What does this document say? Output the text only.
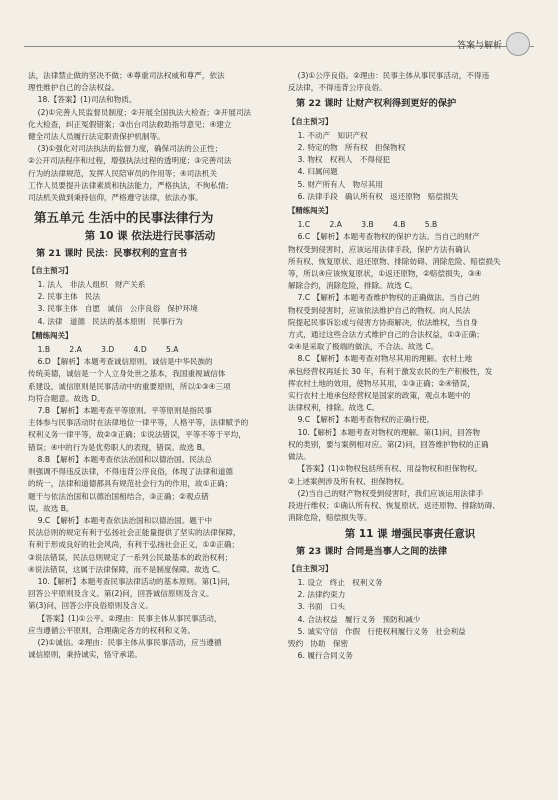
答案与解析
法，法律禁止做的坚决不做；④尊重司法权威和尊严，依法
理性维护自己的合法权益。
18.【答案】(1)司法和物质。
(2)①完善人民监督员制度；②开展全国执法大检查；③开展司法
化大检查，纠正冤假错案；③出台司法救助指导意见；④建立
健全司法人员履行法定职责保护机制等。
(3)①强化对司法执法的监督力度，确保司法的公正性；
②公开司法程序和过程，增强执法过程的透明度；③完善司法
行为的法律规范，发挥人民陪审员的作用等；④司法机关
工作人员要提升法律素质和执法能力，严格执法，不徇私情；
司法机关做到秉持信仰，严格遵守法律，依法办事。
第五单元 生活中的民事法律行为
第 10 课 依法进行民事活动
第 21 课时 民法：民事权利的宣言书
【自主预习】
1. 法人   非法人组织   财产关系
2. 民事主体   民法
3. 民事主体   自愿   诚信   公序良俗   保护环境
4. 法律   道德   民法的基本原则   民事行为
【精练闯关】
1.B        2.A        3.D        4.D        5.A
6.D 【解析】本题考查诚信原则。诚信是中华民族的
传统美德，诚信是一个人立身处世之基本，我国重视诚信体
系建设，诚信原则是民事活动中的重要原则，所以①③④三项
均符合题意。故选 D。
7.B 【解析】本题考查平等原则。平等原则是指民事
主体参与民事活动时在法律地位一律平等，人格平等，法律赋予的
权利义务一律平等，故②③正确；①说法错误，平等不等于平均，
错误；④中的行为是优势职人的表现，错误。故选 B。
8.B 【解析】本题考查依法治国和以德治国。民法总
则强调不得违反法律，不得违背公序良俗，体现了法律和道德
的统一，法律和道德都具有规范社会行为的作用，故①正确；
题干与依法治国和以德治国相结合，③正确；②观点错
误。故选 B。
9.C 【解析】本题考查依法治国和以德治国。题干中
民法总则的规定有利于弘扬社会正能量提供了坚实的法律保障，
有利于形成良好的社会风尚，有利于弘扬社会正义，①②正确；
③说法错误，民法总则规定了一系列公民最基本的政治权利；
④说法错误，这属于法律保障，而不是制度保障。故选 C。
10.【解析】本题考查民事法律活动的基本原则。第(1)问，
回答公平原则及含义。第(2)问，回答诚信原则及含义。
第(3)问，回答公序良俗原则及含义。
【答案】(1)①公平。②理由：民事主体从事民事活动，
应当遵循公平原则，合理确定各方的权利和义务。
(2)①诚信。②理由：民事主体从事民事活动，应当遵循
诚信原则，秉持诚实，恪守承诺。
(3)①公序良俗。②理由：民事主体从事民事活动，不得违
反法律，不得违背公序良俗。
第 22 课时 让财产权利得到更好的保护
【自主预习】
1. 不动产   知识产权
2. 特定的物   所有权   担保物权
3. 物权   权利人   不得侵犯
4. 归属问题
5. 财产所有人   物尽其用
6. 法律手段   确认所有权   返还原物   赔偿损失
【精练闯关】
1.C        2.A        3.B        4.B        5.B
6.C 【解析】本题考查物权的保护方法。当自己的财产
物权受到侵害时，应该运用法律手段，保护方法有确认
所有权、恢复原状、返还原物、排除妨碍、消除危险、赔偿损失
等，所以④应该恢复原状，①返还原物，②赔偿损失，③④
解除合约，消除危险，排除。故选 C。
7.C 【解析】本题考查维护物权的正确做法。当自己的
物权受到侵害时，应该依法维护自己的物权。向人民法
院提起民事诉讼或与侵害方协商解决，依法维权，当自身
方式，通过这些合法方式维护自己的合法权益，①③正确；
②④是采取了极端的做法，不合法。故选 C。
8.C 【解析】本题考查对物尽其用的理解。农村土地
承包经营权再延长 30 年，有利于激发农民的生产积极性，发
挥农村土地的效用，使物尽其用，①③正确；②④错误，
实行农村土地承包经营权是国家的政策，观点本题中的
法律权利，排除。故选 C。
9.C 【解析】本题考查物权的正确行使。
10.【解析】本题考查对物权的理解。第(1)问，回答物
权的类别，要与案例相对应。第(2)问，回答维护物权的正确
做法。
【答案】(1)①物权包括所有权、用益物权和担保物权。
②上述案例涉及所有权、担保物权。
(2)当自己的财产物权受到侵害时，我们应该运用法律手
段进行维权；①确认所有权、恢复原状、返还原物、排除妨碍、
消除危险，赔偿损失等。
第 11 课 增强民事责任意识
第 23 课时 合同是当事人之间的法律
【自主预习】
1. 设立   终止   权利义务
2. 法律约束力
3. 书面   口头
4. 合法权益   履行义务   预防和减少
5. 诚实守信   作假   行使权利履行义务   社会利益
毁约   协助   保密
6. 履行合同义务
